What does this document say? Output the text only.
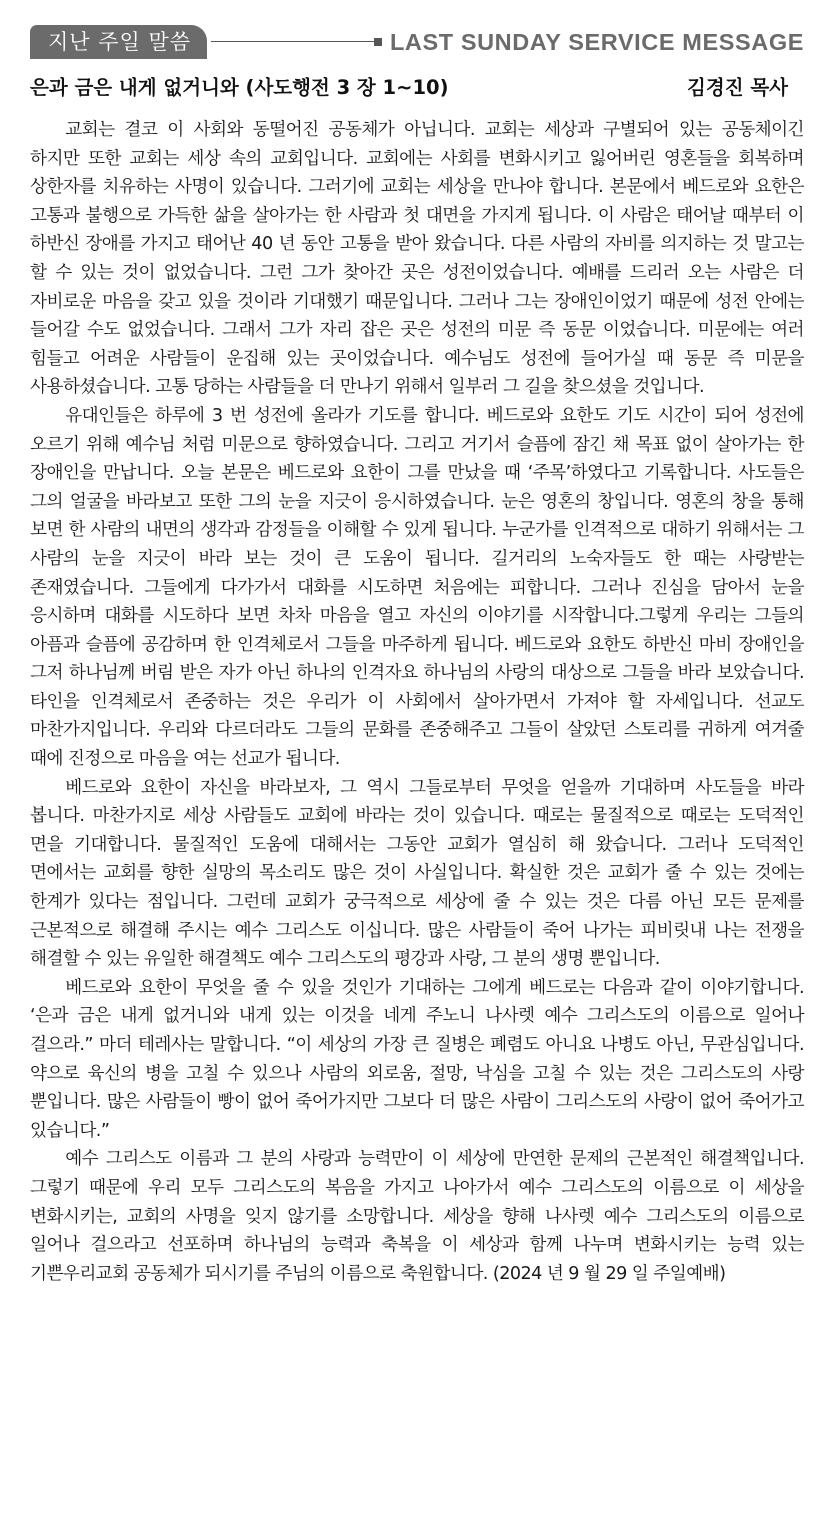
지난 주일 말씀	LAST SUNDAY SERVICE MESSAGE
은과 금은 내게 없거니와 (사도행전 3 장 1~10)	김경진 목사

교회는 결코 이 사회와 동떨어진 공동체가 아닙니다. 교회는 세상과 구별되어 있는 공동체이긴 하지만 또한 교회는 세상 속의 교회입니다. 교회에는 사회를 변화시키고 잃어버린 영혼들을 회복하며 상한자를 치유하는 사명이 있습니다. 그러기에 교회는 세상을 만나야 합니다. 본문에서 베드로와 요한은 고통과 불행으로 가득한 삶을 살아가는 한 사람과 첫 대면을 가지게 됩니다. 이 사람은 태어날 때부터 이 하반신 장애를 가지고 태어난 40 년 동안 고통을 받아 왔습니다. 다른 사람의 자비를 의지하는 것 말고는 할 수 있는 것이 없었습니다. 그런 그가 찾아간 곳은 성전이었습니다. 예배를 드리러 오는 사람은 더 자비로운 마음을 갖고 있을 것이라 기대했기 때문입니다. 그러나 그는 장애인이었기 때문에 성전 안에는 들어갈 수도 없었습니다. 그래서 그가 자리 잡은 곳은 성전의 미문 즉 동문 이었습니다. 미문에는 여러 힘들고 어려운 사람들이 운집해 있는 곳이었습니다. 예수님도 성전에 들어가실 때 동문 즉 미문을 사용하셨습니다. 고통 당하는 사람들을 더 만나기 위해서 일부러 그 길을 찾으셨을 것입니다.

유대인들은 하루에 3 번 성전에 올라가 기도를 합니다. 베드로와 요한도 기도 시간이 되어 성전에 오르기 위해 예수님 처럼 미문으로 향하였습니다. 그리고 거기서 슬픔에 잠긴 채 목표 없이 살아가는 한 장애인을 만납니다. 오늘 본문은 베드로와 요한이 그를 만났을 때 ‘주목’하였다고 기록합니다. 사도들은 그의 얼굴을 바라보고 또한 그의 눈을 지긋이 응시하였습니다. 눈은 영혼의 창입니다. 영혼의 창을 통해 보면 한 사람의 내면의 생각과 감정들을 이해할 수 있게 됩니다. 누군가를 인격적으로 대하기 위해서는 그 사람의 눈을 지긋이 바라 보는 것이 큰 도움이 됩니다. 길거리의 노숙자들도 한 때는 사랑받는 존재였습니다. 그들에게 다가가서 대화를 시도하면 처음에는 피합니다. 그러나 진심을 담아서 눈을 응시하며 대화를 시도하다 보면 차차 마음을 열고 자신의 이야기를 시작합니다.그렇게 우리는 그들의 아픔과 슬픔에 공감하며 한 인격체로서 그들을 마주하게 됩니다. 베드로와 요한도 하반신 마비 장애인을 그저 하나님께 버림 받은 자가 아닌 하나의 인격자요 하나님의 사랑의 대상으로 그들을 바라 보았습니다. 타인을 인격체로서 존중하는 것은 우리가 이 사회에서 살아가면서 가져야 할 자세입니다. 선교도 마찬가지입니다. 우리와 다르더라도 그들의 문화를 존중해주고 그들이 살았던 스토리를 귀하게 여겨줄 때에 진정으로 마음을 여는 선교가 됩니다.

베드로와 요한이 자신을 바라보자, 그 역시 그들로부터 무엇을 얻을까 기대하며 사도들을 바라 봅니다. 마찬가지로 세상 사람들도 교회에 바라는 것이 있습니다. 때로는 물질적으로 때로는 도덕적인 면을 기대합니다. 물질적인 도움에 대해서는 그동안 교회가 열심히 해 왔습니다. 그러나 도덕적인 면에서는 교회를 향한 실망의 목소리도 많은 것이 사실입니다. 확실한 것은 교회가 줄 수 있는 것에는 한계가 있다는 점입니다. 그런데 교회가 궁극적으로 세상에 줄 수 있는 것은 다름 아닌 모든 문제를 근본적으로 해결해 주시는 예수 그리스도 이십니다. 많은 사람들이 죽어 나가는 피비릿내 나는 전쟁을 해결할 수 있는 유일한 해결책도 예수 그리스도의 평강과 사랑, 그 분의 생명 뿐입니다.

베드로와 요한이 무엇을 줄 수 있을 것인가 기대하는 그에게 베드로는 다음과 같이 이야기합니다. ‘은과 금은 내게 없거니와 내게 있는 이것을 네게 주노니 나사렛 예수 그리스도의 이름으로 일어나 걸으라.” 마더 테레사는 말합니다. “이 세상의 가장 큰 질병은 폐렴도 아니요 나병도 아닌, 무관심입니다. 약으로 육신의 병을 고칠 수 있으나 사람의 외로움, 절망, 낙심을 고칠 수 있는 것은 그리스도의 사랑 뿐입니다. 많은 사람들이 빵이 없어 죽어가지만 그보다 더 많은 사람이 그리스도의 사랑이 없어 죽어가고 있습니다.”

예수 그리스도 이름과 그 분의 사랑과 능력만이 이 세상에 만연한 문제의 근본적인 해결책입니다. 그렇기 때문에 우리 모두 그리스도의 복음을 가지고 나아가서 예수 그리스도의 이름으로 이 세상을 변화시키는, 교회의 사명을 잊지 않기를 소망합니다. 세상을 향해 나사렛 예수 그리스도의 이름으로 일어나 걸으라고 선포하며 하나님의 능력과 축복을 이 세상과 함께 나누며 변화시키는 능력 있는 기쁜우리교회 공동체가 되시기를 주님의 이름으로 축원합니다. (2024 년 9 월 29 일 주일예배)
